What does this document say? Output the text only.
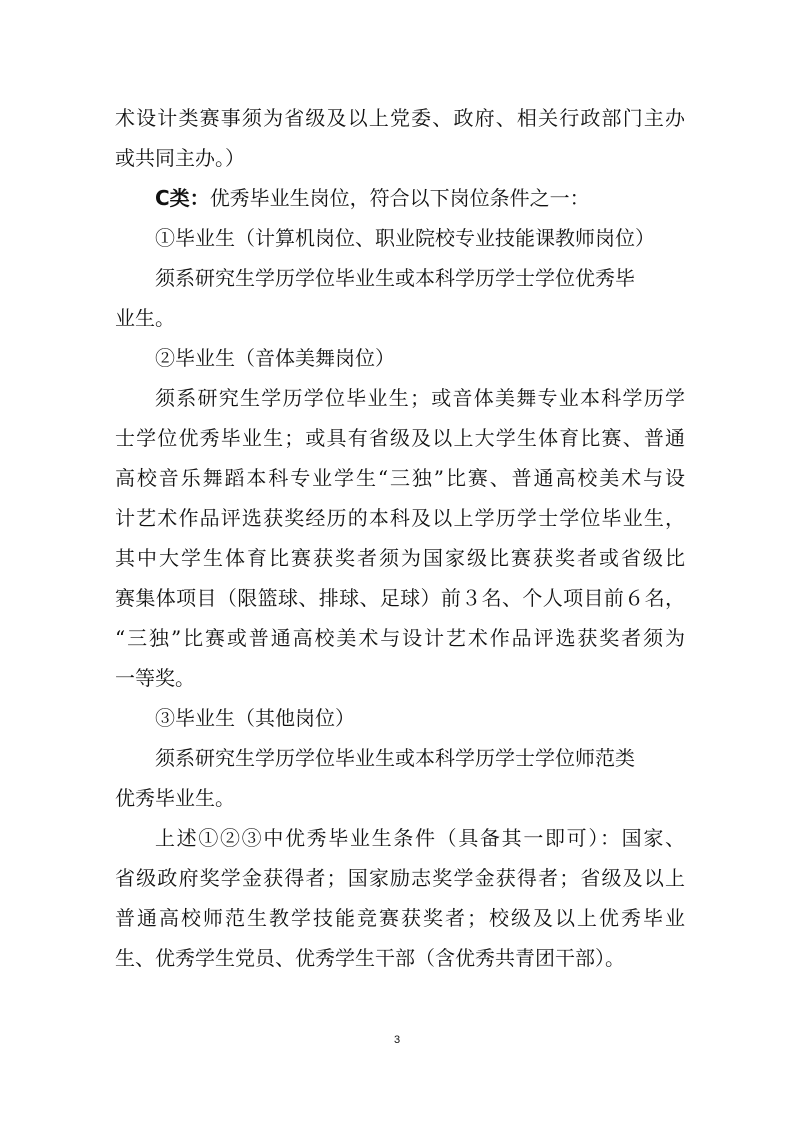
术设计类赛事须为省级及以上党委、政府、相关行政部门主办
或共同主办。）
C类：优秀毕业生岗位，符合以下岗位条件之一：
①毕业生（计算机岗位、职业院校专业技能课教师岗位）
须系研究生学历学位毕业生或本科学历学士学位优秀毕
业生。
②毕业生（音体美舞岗位）
须系研究生学历学位毕业生；或音体美舞专业本科学历学
士学位优秀毕业生；或具有省级及以上大学生体育比赛、普通
高校音乐舞蹈本科专业学生“三独”比赛、普通高校美术与设
计艺术作品评选获奖经历的本科及以上学历学士学位毕业生，
其中大学生体育比赛获奖者须为国家级比赛获奖者或省级比
赛集体项目（限篮球、排球、足球）前３名、个人项目前６名，
“三独”比赛或普通高校美术与设计艺术作品评选获奖者须为
一等奖。
③毕业生（其他岗位）
须系研究生学历学位毕业生或本科学历学士学位师范类
优秀毕业生。
上述①②③中优秀毕业生条件（具备其一即可）：国家、
省级政府奖学金获得者；国家励志奖学金获得者；省级及以上
普通高校师范生教学技能竞赛获奖者；校级及以上优秀毕业
生、优秀学生党员、优秀学生干部（含优秀共青团干部）。
3
